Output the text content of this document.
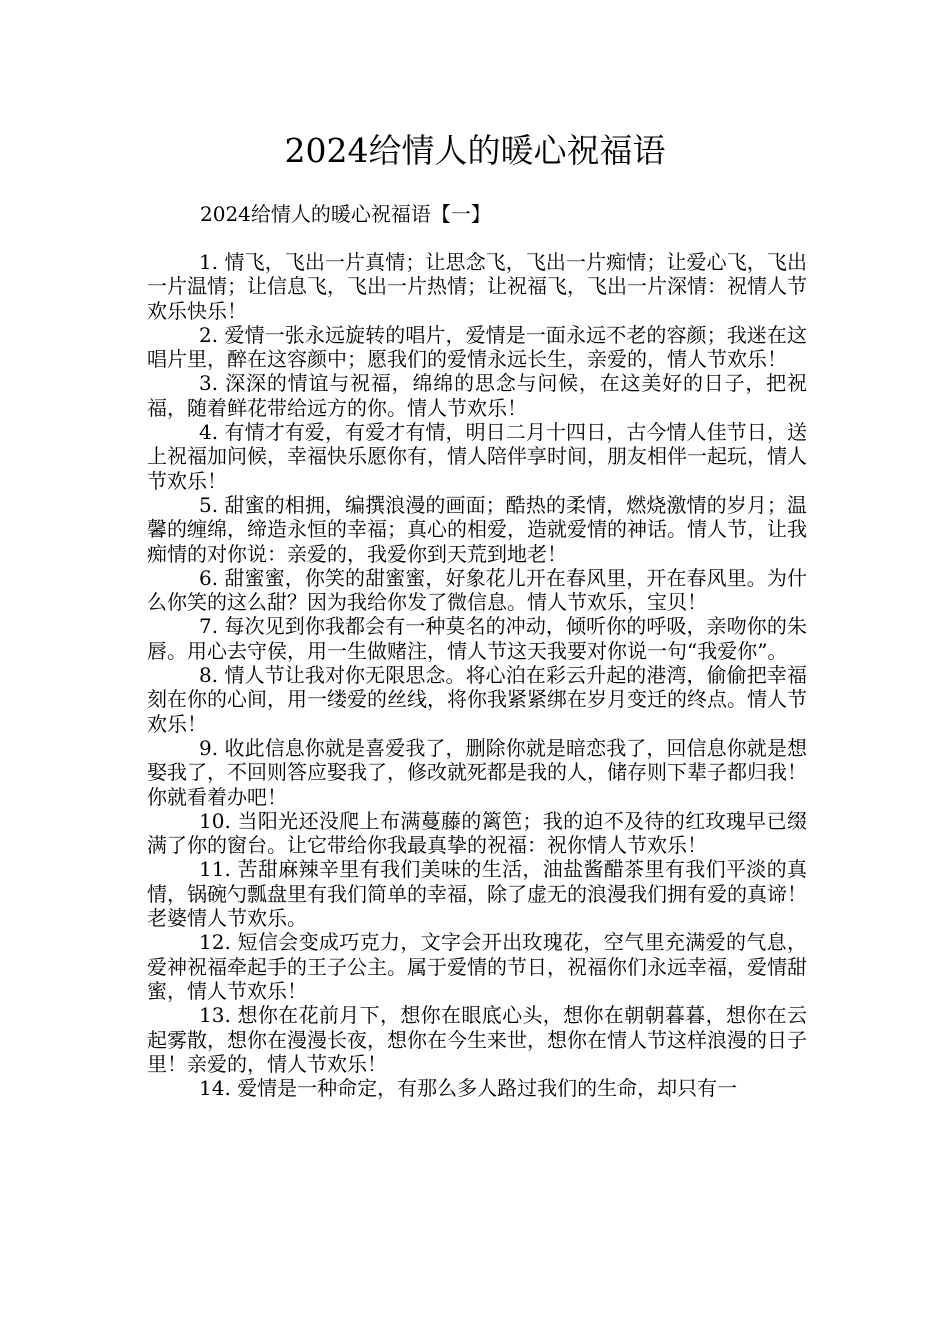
2024给情人的暖心祝福语
2024给情人的暖心祝福语【一】

1. 情飞，飞出一片真情；让思念飞，飞出一片痴情；让爱心飞，飞出一片温情；让信息飞，飞出一片热情；让祝福飞，飞出一片深情：祝情人节欢乐快乐！

2. 爱情一张永远旋转的唱片，爱情是一面永远不老的容颜；我迷在这唱片里，醉在这容颜中；愿我们的爱情永远长生，亲爱的，情人节欢乐！

3. 深深的情谊与祝福，绵绵的思念与问候，在这美好的日子，把祝福，随着鲜花带给远方的你。情人节欢乐！

4. 有情才有爱，有爱才有情，明日二月十四日，古今情人佳节日，送上祝福加问候，幸福快乐愿你有，情人陪伴享时间，朋友相伴一起玩，情人节欢乐！

5. 甜蜜的相拥，编撰浪漫的画面；酷热的柔情，燃烧激情的岁月；温馨的缠绵，缔造永恒的幸福；真心的相爱，造就爱情的神话。情人节，让我痴情的对你说：亲爱的，我爱你到天荒到地老！

6. 甜蜜蜜，你笑的甜蜜蜜，好象花儿开在春风里，开在春风里。为什么你笑的这么甜？因为我给你发了微信息。情人节欢乐，宝贝！

7. 每次见到你我都会有一种莫名的冲动，倾听你的呼吸，亲吻你的朱唇。用心去守侯，用一生做赌注，情人节这天我要对你说一句“我爱你”。

8. 情人节让我对你无限思念。将心泊在彩云升起的港湾，偷偷把幸福刻在你的心间，用一缕爱的丝线，将你我紧紧绑在岁月变迁的终点。情人节欢乐！

9. 收此信息你就是喜爱我了，删除你就是暗恋我了，回信息你就是想娶我了，不回则答应娶我了，修改就死都是我的人，储存则下辈子都归我！你就看着办吧！

10. 当阳光还没爬上布满蔓藤的篱笆；我的迫不及待的红玫瑰早已缀满了你的窗台。让它带给你我最真挚的祝福：祝你情人节欢乐！

11. 苦甜麻辣辛里有我们美味的生活，油盐酱醋茶里有我们平淡的真情，锅碗勺瓢盘里有我们简单的幸福，除了虚无的浪漫我们拥有爱的真谛！老婆情人节欢乐。

12. 短信会变成巧克力，文字会开出玫瑰花，空气里充满爱的气息，爱神祝福牵起手的王子公主。属于爱情的节日，祝福你们永远幸福，爱情甜蜜，情人节欢乐！

13. 想你在花前月下，想你在眼底心头，想你在朝朝暮暮，想你在云起雾散，想你在漫漫长夜，想你在今生来世，想你在情人节这样浪漫的日子里！亲爱的，情人节欢乐！

14. 爱情是一种命定，有那么多人路过我们的生命，却只有一
